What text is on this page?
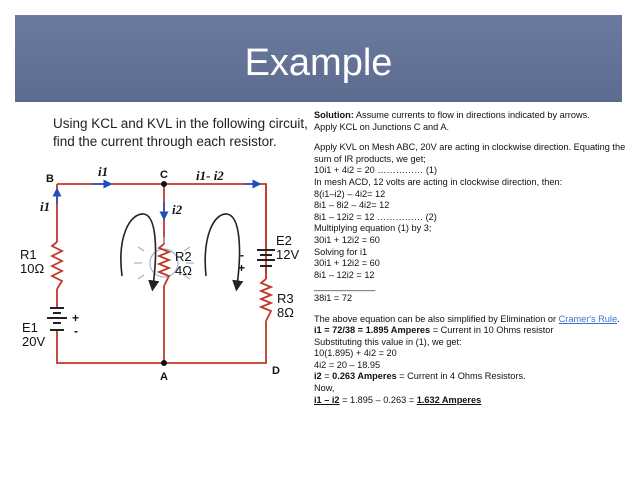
Example
Using KCL and KVL in the following circuit, find the current through each resistor.
i1
i1	i2
i1- i2
B	C
A	D
R1
10Ω
R2
4Ω
R3
8Ω
E1
20V
E2
12V
+
-
-
+
Solution: Assume currents to flow in directions indicated by arrows.
Apply KCL on Junctions C and A.
Apply KVL on Mesh ABC, 20V are acting in clockwise direction. Equating the
sum of IR products, we get;
10i1 + 4i2 = 20 …………… (1)
In mesh ACD, 12 volts are acting in clockwise direction, then:
8(i1–i2) – 4i2= 12
8i1 – 8i2 – 4i2= 12
8i1 – 12i2 = 12 …………… (2)
Multiplying equation (1) by 3;
30i1 + 12i2 = 60
Solving for i1
30i1 + 12i2 = 60
8i1 – 12i2 = 12
____________
38i1 = 72
The above equation can be also simplified by Elimination or Cramer's Rule.
i1 = 72/38 = 1.895 Amperes = Current in 10 Ohms resistor
Substituting this value in (1), we get:
10(1.895) + 4i2 = 20
4i2 = 20 – 18.95
i2 = 0.263 Amperes = Current in 4 Ohms Resistors.
Now,
i1 – i2 = 1.895 – 0.263 = 1.632 Amperes
